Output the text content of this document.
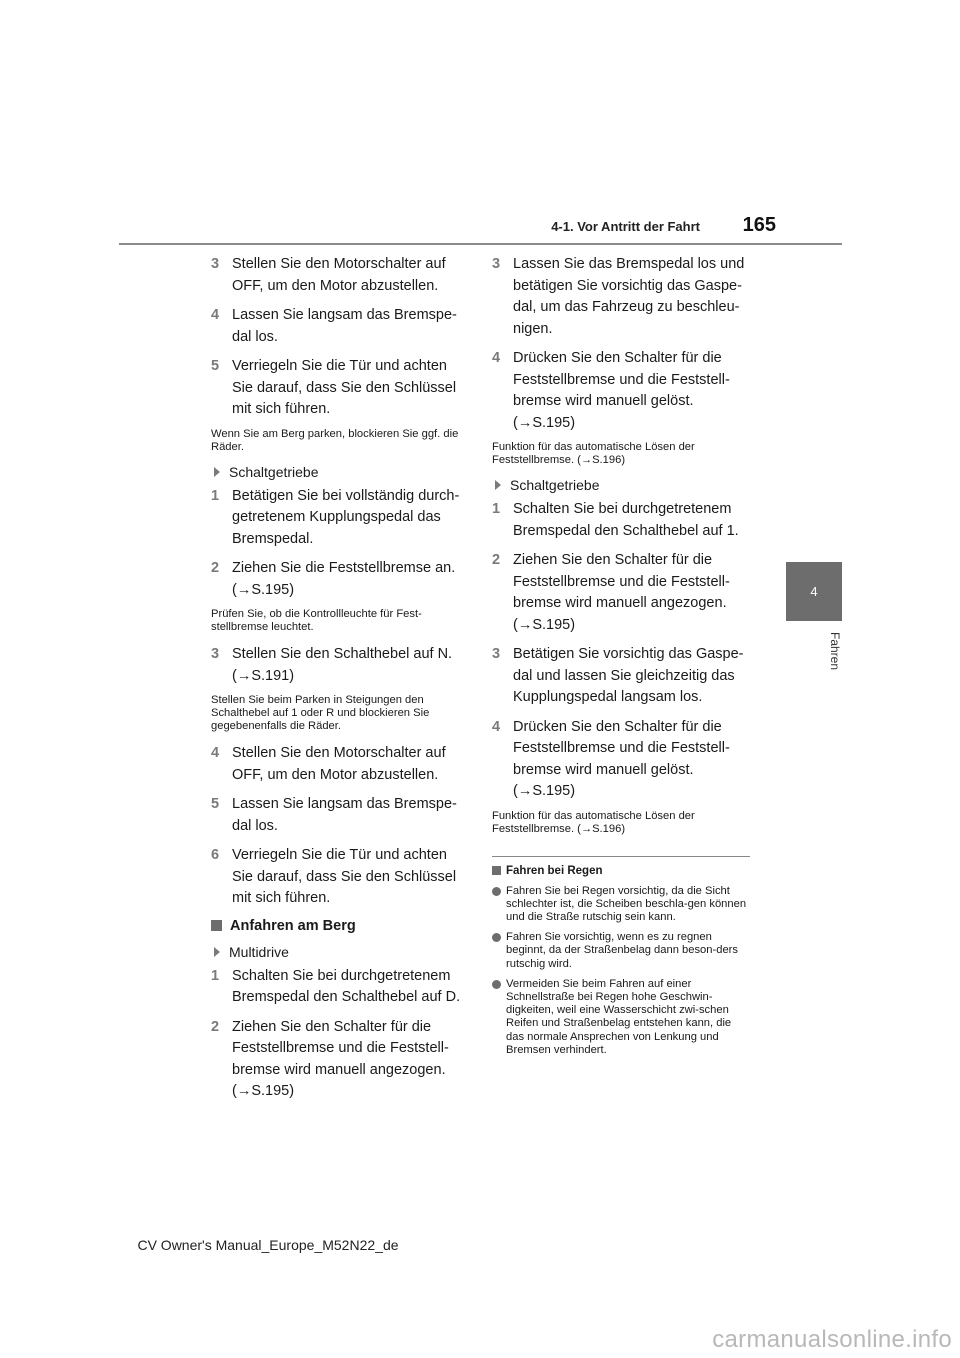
4-1. Vor Antritt der Fahrt	165
4
Fahren
3 Stellen Sie den Motorschalter auf OFF, um den Motor abzustellen.
4 Lassen Sie langsam das Bremspe-dal los.
5 Verriegeln Sie die Tür und achten Sie darauf, dass Sie den Schlüssel mit sich führen.
Wenn Sie am Berg parken, blockieren Sie ggf. die Räder.
Schaltgetriebe
1 Betätigen Sie bei vollständig durch-getretenem Kupplungspedal das Bremspedal.
2 Ziehen Sie die Feststellbremse an. (→S.195)
Prüfen Sie, ob die Kontrollleuchte für Fest-stellbremse leuchtet.
3 Stellen Sie den Schalthebel auf N. (→S.191)
Stellen Sie beim Parken in Steigungen den Schalthebel auf 1 oder R und blockieren Sie gegebenenfalls die Räder.
4 Stellen Sie den Motorschalter auf OFF, um den Motor abzustellen.
5 Lassen Sie langsam das Bremspe-dal los.
6 Verriegeln Sie die Tür und achten Sie darauf, dass Sie den Schlüssel mit sich führen.
Anfahren am Berg
Multidrive
1 Schalten Sie bei durchgetretenem Bremspedal den Schalthebel auf D.
2 Ziehen Sie den Schalter für die Feststellbremse und die Feststell-bremse wird manuell angezogen. (→S.195)
3 Lassen Sie das Bremspedal los und betätigen Sie vorsichtig das Gaspe-dal, um das Fahrzeug zu beschleu-nigen.
4 Drücken Sie den Schalter für die Feststellbremse und die Feststell-bremse wird manuell gelöst. (→S.195)
Funktion für das automatische Lösen der Feststellbremse. (→S.196)
Schaltgetriebe
1 Schalten Sie bei durchgetretenem Bremspedal den Schalthebel auf 1.
2 Ziehen Sie den Schalter für die Feststellbremse und die Feststell-bremse wird manuell angezogen. (→S.195)
3 Betätigen Sie vorsichtig das Gaspe-dal und lassen Sie gleichzeitig das Kupplungspedal langsam los.
4 Drücken Sie den Schalter für die Feststellbremse und die Feststell-bremse wird manuell gelöst. (→S.195)
Funktion für das automatische Lösen der Feststellbremse. (→S.196)
Fahren bei Regen
Fahren Sie bei Regen vorsichtig, da die Sicht schlechter ist, die Scheiben beschla-gen können und die Straße rutschig sein kann.
Fahren Sie vorsichtig, wenn es zu regnen beginnt, da der Straßenbelag dann beson-ders rutschig wird.
Vermeiden Sie beim Fahren auf einer Schnellstraße bei Regen hohe Geschwin-digkeiten, weil eine Wasserschicht zwi-schen Reifen und Straßenbelag entstehen kann, die das normale Ansprechen von Lenkung und Bremsen verhindert.
CV Owner's Manual_Europe_M52N22_de
carmanualsonline.info
